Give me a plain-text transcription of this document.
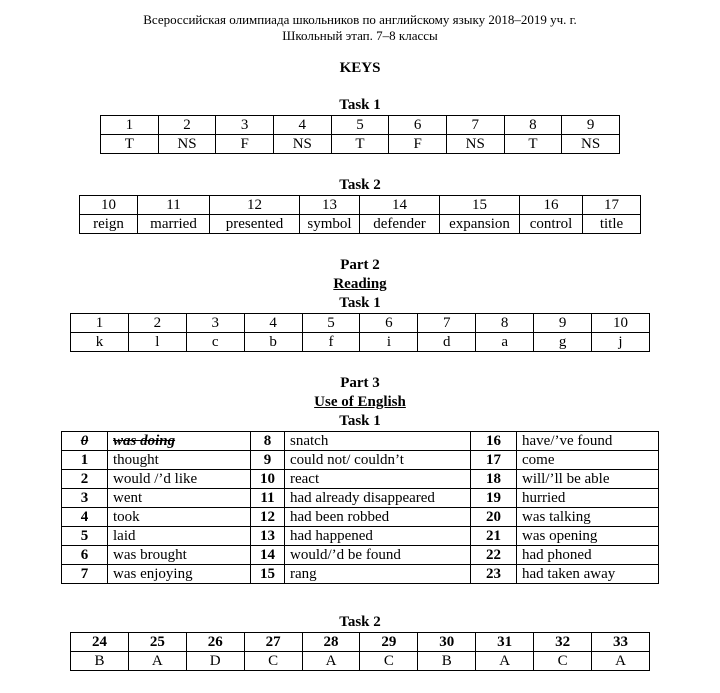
Всероссийская олимпиада школьников по английскому языку 2018–2019 уч. г.
Школьный этап. 7–8 классы
KEYS
Task 1
1	2	3	4	5	6	7	8	9
T	NS	F	NS	T	F	NS	T	NS
Task 2
10	11	12	13	14	15	16	17
reign	married	presented	symbol	defender	expansion	control	title
Part 2
Reading
Task 1
1	2	3	4	5	6	7	8	9	10
k	l	c	b	f	i	d	a	g	j
Part 3
Use of English
Task 1
0	was doing	8	snatch	16	have/’ve found
1	thought	9	could not/ couldn’t	17	come
2	would /’d like	10	react	18	will/’ll be able
3	went	11	had already disappeared	19	hurried
4	took	12	had been robbed	20	was talking
5	laid	13	had happened	21	was opening
6	was brought	14	would/’d be found	22	had phoned
7	was enjoying	15	rang	23	had taken away
Task 2
24	25	26	27	28	29	30	31	32	33
B	A	D	C	A	C	B	A	C	A
